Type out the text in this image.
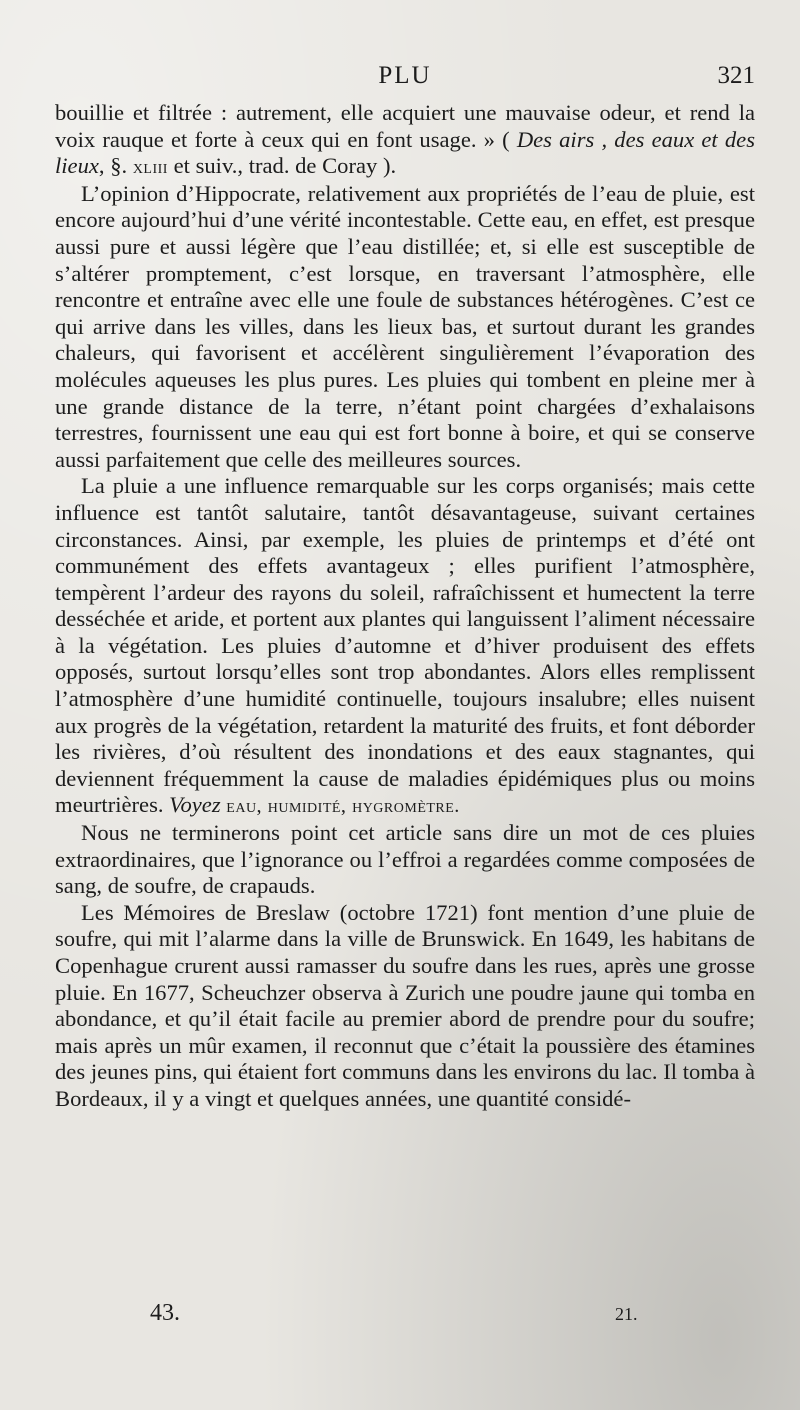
PLU	321

bouillie et filtrée : autrement, elle acquiert une mauvaise odeur, et rend la voix rauque et forte à ceux qui en font usage. » ( Des airs , des eaux et des lieux, §. xliii et suiv., trad. de Coray ).

L’opinion d’Hippocrate, relativement aux propriétés de l’eau de pluie, est encore aujourd’hui d’une vérité incontestable. Cette eau, en effet, est presque aussi pure et aussi légère que l’eau distillée; et, si elle est susceptible de s’altérer promptement, c’est lorsque, en traversant l’atmosphère, elle rencontre et entraîne avec elle une foule de substances hétérogènes. C’est ce qui arrive dans les villes, dans les lieux bas, et surtout durant les grandes chaleurs, qui favorisent et accélèrent singulièrement l’évaporation des molécules aqueuses les plus pures. Les pluies qui tombent en pleine mer à une grande distance de la terre, n’étant point chargées d’exhalaisons terrestres, fournissent une eau qui est fort bonne à boire, et qui se conserve aussi parfaitement que celle des meilleures sources.

La pluie a une influence remarquable sur les corps organisés; mais cette influence est tantôt salutaire, tantôt désavantageuse, suivant certaines circonstances. Ainsi, par exemple, les pluies de printemps et d’été ont communément des effets avantageux ; elles purifient l’atmosphère, tempèrent l’ardeur des rayons du soleil, rafraîchissent et humectent la terre desséchée et aride, et portent aux plantes qui languissent l’aliment nécessaire à la végétation. Les pluies d’automne et d’hiver produisent des effets opposés, surtout lorsqu’elles sont trop abondantes. Alors elles remplissent l’atmosphère d’une humidité continuelle, toujours insalubre; elles nuisent aux progrès de la végétation, retardent la maturité des fruits, et font déborder les rivières, d’où résultent des inondations et des eaux stagnantes, qui deviennent fréquemment la cause de maladies épidémiques plus ou moins meurtrières. Voyez eau, humidité, hygromètre.

Nous ne terminerons point cet article sans dire un mot de ces pluies extraordinaires, que l’ignorance ou l’effroi a regardées comme composées de sang, de soufre, de crapauds.

Les Mémoires de Breslaw (octobre 1721) font mention d’une pluie de soufre, qui mit l’alarme dans la ville de Brunswick. En 1649, les habitans de Copenhague crurent aussi ramasser du soufre dans les rues, après une grosse pluie. En 1677, Scheuchzer observa à Zurich une poudre jaune qui tomba en abondance, et qu’il était facile au premier abord de prendre pour du soufre; mais après un mûr examen, il reconnut que c’était la poussière des étamines des jeunes pins, qui étaient fort communs dans les environs du lac. Il tomba à Bordeaux, il y a vingt et quelques années, une quantité considé-

43.	21.
